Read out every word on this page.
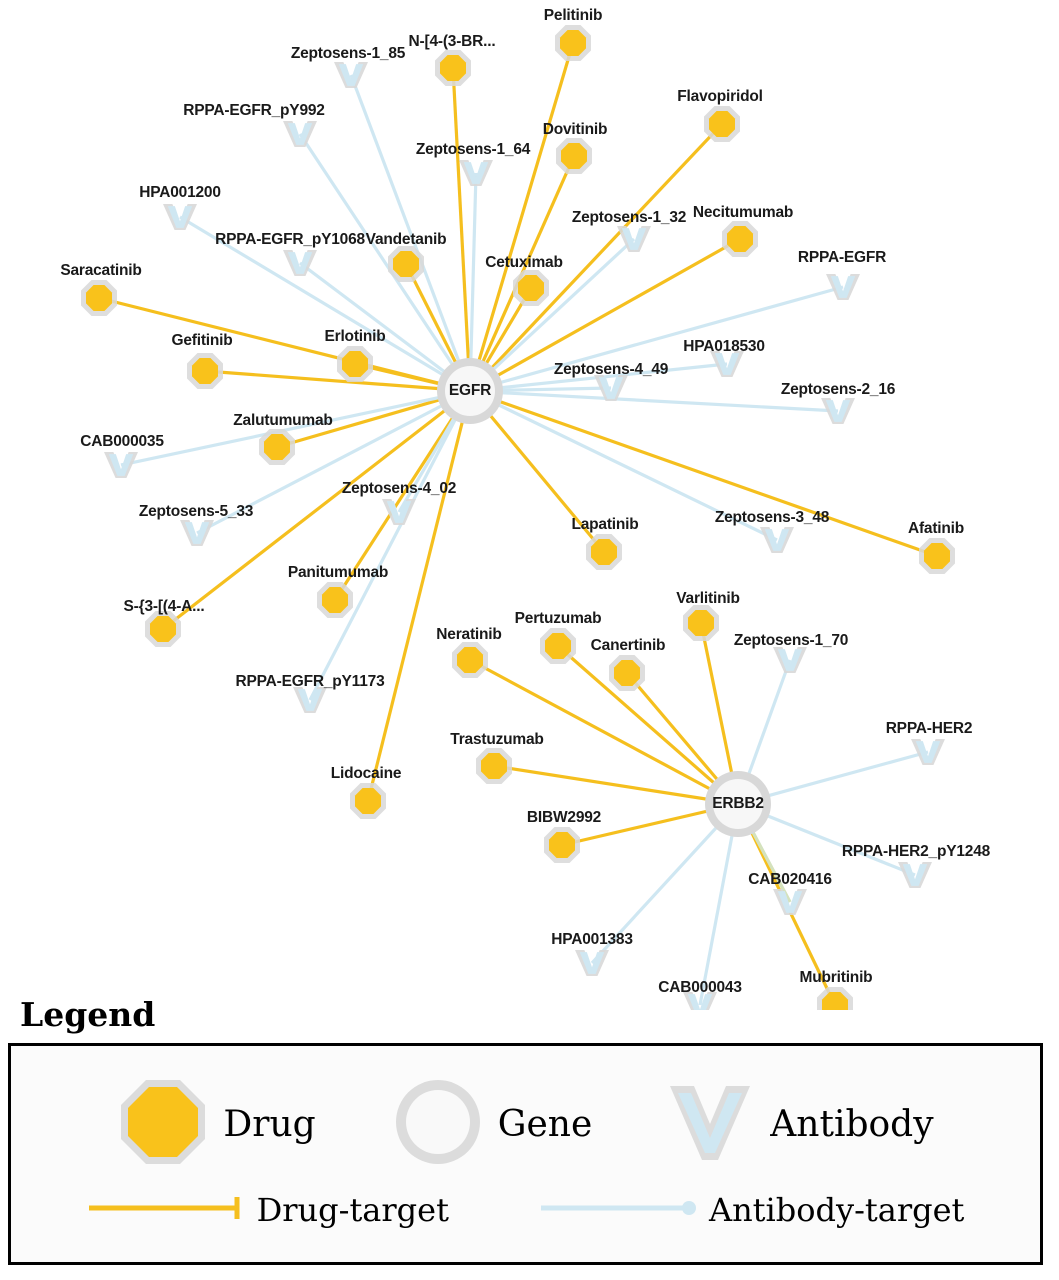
Pelitinib
N-[4-(3-BR...
Flavopiridol
Dovitinib
Necitumumab
Vandetanib
Cetuximab
Saracatinib
Erlotinib
Gefitinib
Zalutumumab
Lapatinib	Afatinib
Panitumumab
Varlitinib
S-{3-[(4-A...
Pertuzumab
Neratinib
Canertinib
Trastuzumab
Lidocaine
BIBW2992
Mubritinib
Zeptosens-1_85
RPPA-EGFR_pY992
Zeptosens-1_64
HPA001200
Zeptosens-1_32
RPPA-EGFR_pY1068
RPPA-EGFR
HPA018530
Zeptosens-4_49
Zeptosens-2_16
CAB000035
Zeptosens-4_02
Zeptosens-5_33	Zeptosens-3_48
RPPA-EGFR_pY1173
Zeptosens-1_70
RPPA-HER2
RPPA-HER2_pY1248
CAB020416
HPA001383
CAB000043
EGFR
ERBB2
Legend
Drug	Gene	Antibody
Drug-target	Antibody-target
